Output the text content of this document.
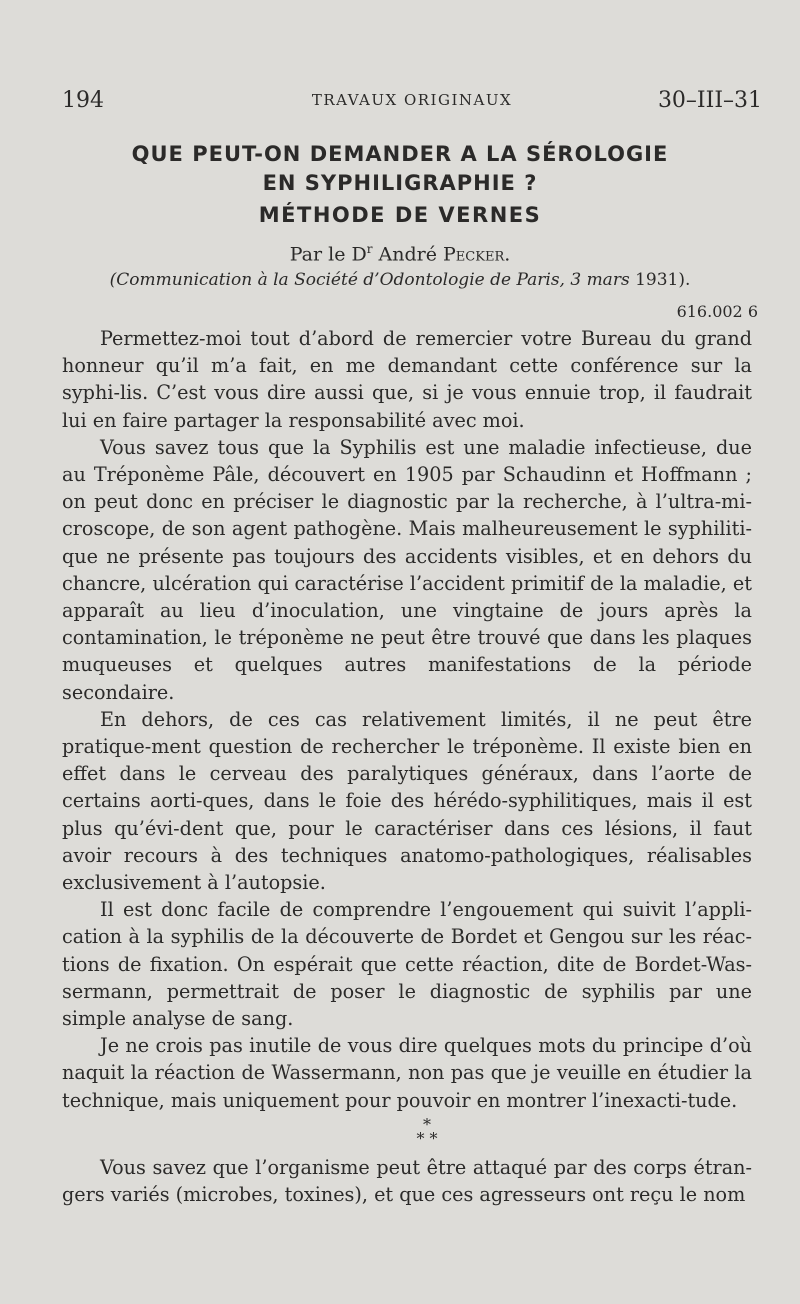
194	TRAVAUX ORIGINAUX	30–III–31
QUE PEUT-ON DEMANDER A LA SÉROLOGIE
EN SYPHILIGRAPHIE ?
MÉTHODE DE VERNES
Par le $D^r$ André Pecker.
(Communication à la Société d’Odontologie de Paris, 3 mars 1931).
616.002 6

Permettez-moi tout d’abord de remercier votre Bureau du grand honneur qu’il m’a fait, en me demandant cette conférence sur la syphi-lis. C’est vous dire aussi que, si je vous ennuie trop, il faudrait lui en faire partager la responsabilité avec moi.

Vous savez tous que la Syphilis est une maladie infectieuse, due au Tréponème Pâle, découvert en 1905 par Schaudinn et Hoffmann ; on peut donc en préciser le diagnostic par la recherche, à l’ultra-mi-croscope, de son agent pathogène. Mais malheureusement le syphiliti-que ne présente pas toujours des accidents visibles, et en dehors du chancre, ulcération qui caractérise l’accident primitif de la maladie, et apparaît au lieu d’inoculation, une vingtaine de jours après la contamination, le tréponème ne peut être trouvé que dans les plaques muqueuses et quelques autres manifestations de la période secondaire.

En dehors, de ces cas relativement limités, il ne peut être pratique-ment question de rechercher le tréponème. Il existe bien en effet dans le cerveau des paralytiques généraux, dans l’aorte de certains aorti-ques, dans le foie des hérédo-syphilitiques, mais il est plus qu’évi-dent que, pour le caractériser dans ces lésions, il faut avoir recours à des techniques anatomo-pathologiques, réalisables exclusivement à l’autopsie.

Il est donc facile de comprendre l’engouement qui suivit l’appli-cation à la syphilis de la découverte de Bordet et Gengou sur les réac-tions de fixation. On espérait que cette réaction, dite de Bordet-Was-sermann, permettrait de poser le diagnostic de syphilis par une simple analyse de sang.

Je ne crois pas inutile de vous dire quelques mots du principe d’où naquit la réaction de Wassermann, non pas que je veuille en étudier la technique, mais uniquement pour pouvoir en montrer l’inexacti-tude.

*
* *

Vous savez que l’organisme peut être attaqué par des corps étran-gers variés (microbes, toxines), et que ces agresseurs ont reçu le nom
